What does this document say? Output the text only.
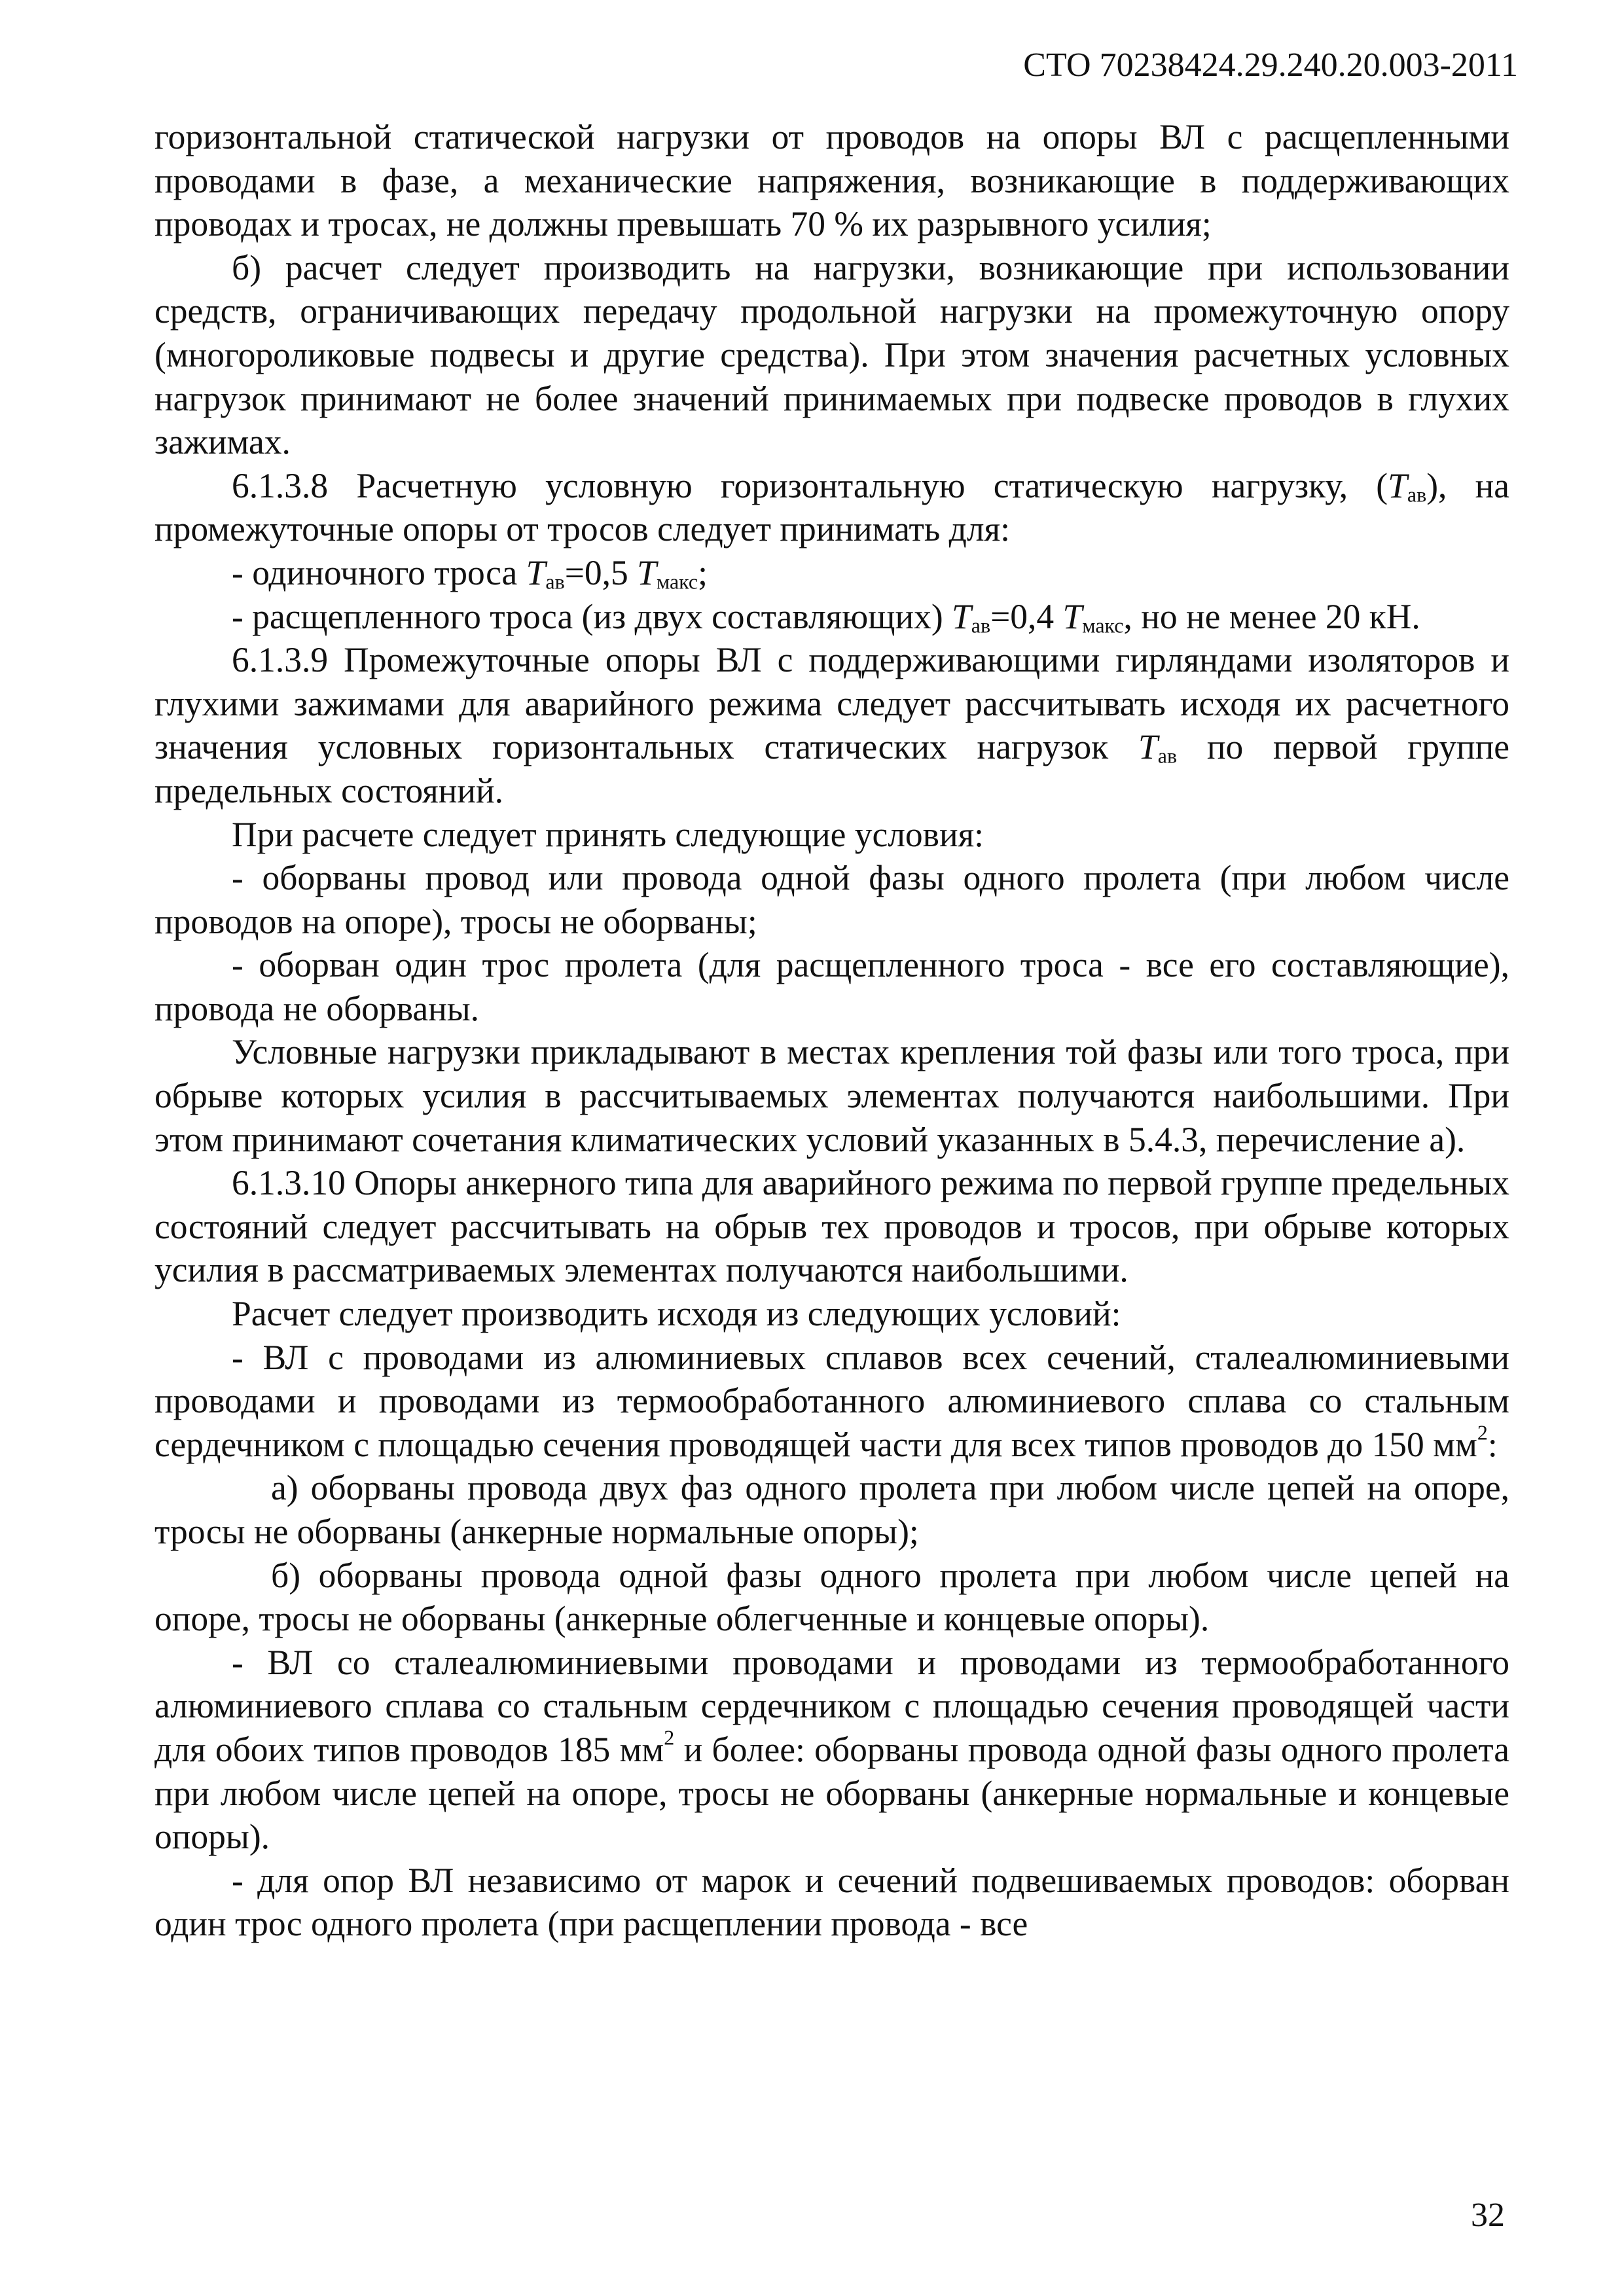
СТО 70238424.29.240.20.003-2011

горизонтальной статической нагрузки от проводов на опоры ВЛ с расщепленными проводами в фазе, а механические напряжения, возникающие в поддерживающих проводах и тросах, не должны превышать 70 % их разрывного усилия;

б) расчет следует производить на нагрузки, возникающие при использовании средств, ограничивающих передачу продольной нагрузки на промежуточную опору (многороликовые подвесы и другие средства). При этом значения расчетных условных нагрузок принимают не более значений принимаемых при подвеске проводов в глухих зажимах.

6.1.3.8 Расчетную условную горизонтальную статическую нагрузку, $(T_{ав})$, на промежуточные опоры от тросов следует принимать для:

- одиночного троса $T_{ав}=0,5$ $T_{макс}$;

- расщепленного троса (из двух составляющих) $T_{ав}=0,4$ $T_{макс}$, но не менее 20 кН.

6.1.3.9 Промежуточные опоры ВЛ с поддерживающими гирляндами изоляторов и глухими зажимами для аварийного режима следует рассчитывать исходя их расчетного значения условных горизонтальных статических нагрузок $T_{ав}$ по первой группе предельных состояний.

При расчете следует принять следующие условия:

- оборваны провод или провода одной фазы одного пролета (при любом числе проводов на опоре), тросы не оборваны;

- оборван один трос пролета (для расщепленного троса - все его составляющие), провода не оборваны.

Условные нагрузки прикладывают в местах крепления той фазы или того троса, при обрыве которых усилия в рассчитываемых элементах получаются наибольшими. При этом принимают сочетания климатических условий указанных в 5.4.3, перечисление а).

6.1.3.10 Опоры анкерного типа для аварийного режима по первой группе предельных состояний следует рассчитывать на обрыв тех проводов и тросов, при обрыве которых усилия в рассматриваемых элементах получаются наибольшими.

Расчет следует производить исходя из следующих условий:

- ВЛ с проводами из алюминиевых сплавов всех сечений, сталеалюминиевыми проводами и проводами из термообработанного алюминиевого сплава со стальным сердечником с площадью сечения проводящей части для всех типов проводов до 150 $мм^2$:

а) оборваны провода двух фаз одного пролета при любом числе цепей на опоре, тросы не оборваны (анкерные нормальные опоры);

б) оборваны провода одной фазы одного пролета при любом числе цепей на опоре, тросы не оборваны (анкерные облегченные и концевые опоры).

- ВЛ со сталеалюминиевыми проводами и проводами из термообработанного алюминиевого сплава со стальным сердечником с площадью сечения проводящей части для обоих типов проводов 185 $мм^2$ и более: оборваны провода одной фазы одного пролета при любом числе цепей на опоре, тросы не оборваны (анкерные нормальные и концевые опоры).

- для опор ВЛ независимо от марок и сечений подвешиваемых проводов: оборван один трос одного пролета (при расщеплении провода - все

32
